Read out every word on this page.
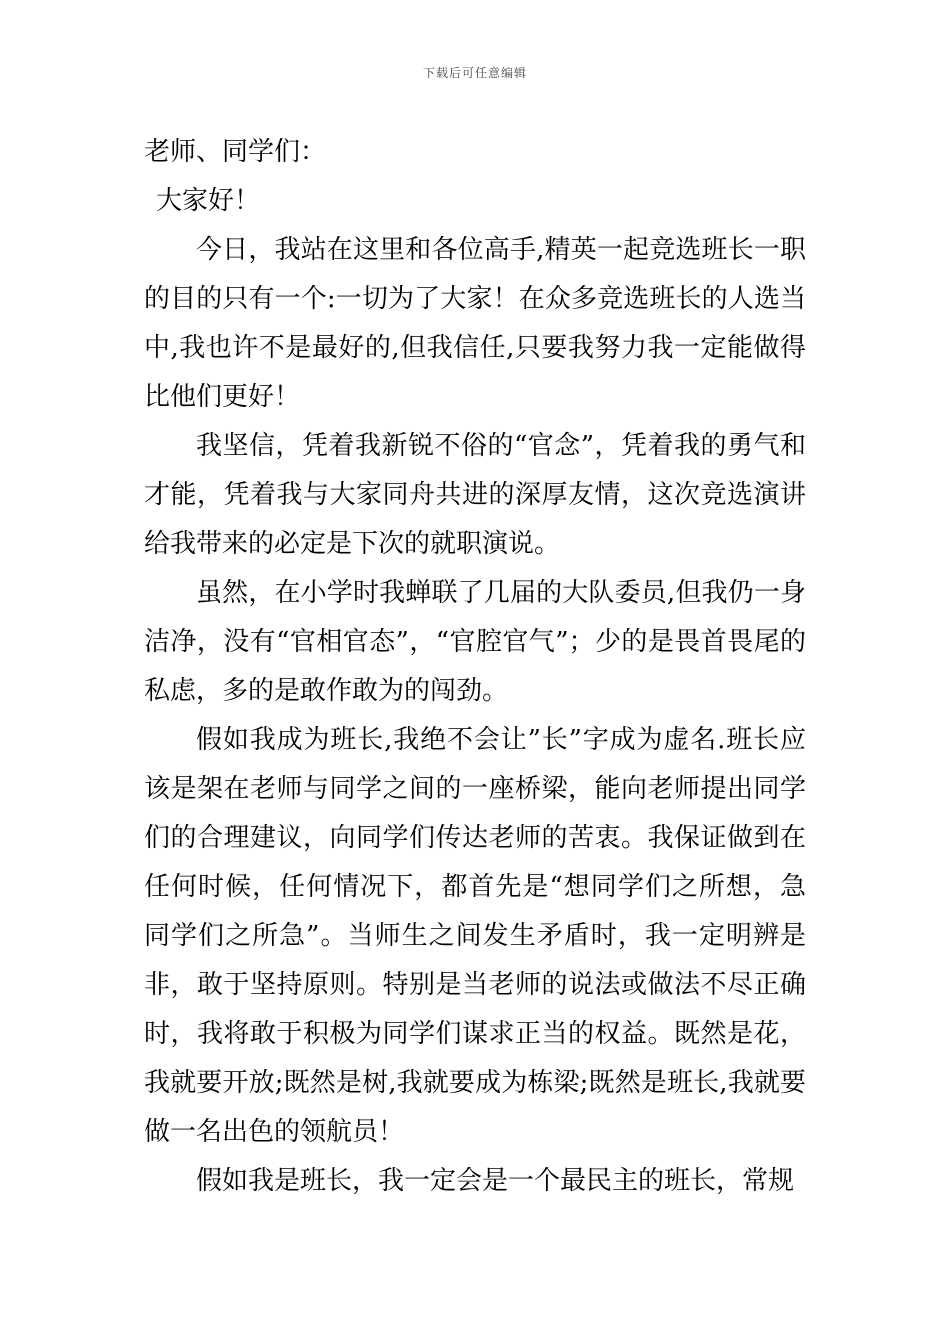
下载后可任意编辑

老师、同学们：

大家好！

今日，我站在这里和各位高手,精英一起竞选班长一职的目的只有一个:一切为了大家！在众多竞选班长的人选当中,我也许不是最好的,但我信任,只要我努力我一定能做得比他们更好！

我坚信，凭着我新锐不俗的“官念”，凭着我的勇气和才能，凭着我与大家同舟共进的深厚友情，这次竞选演讲给我带来的必定是下次的就职演说。

虽然，在小学时我蝉联了几届的大队委员,但我仍一身洁净，没有“官相官态”，“官腔官气”；少的是畏首畏尾的私虑，多的是敢作敢为的闯劲。

假如我成为班长,我绝不会让”长”字成为虚名.班长应该是架在老师与同学之间的一座桥梁，能向老师提出同学们的合理建议，向同学们传达老师的苦衷。我保证做到在任何时候，任何情况下，都首先是“想同学们之所想，急同学们之所急”。当师生之间发生矛盾时，我一定明辨是非，敢于坚持原则。特别是当老师的说法或做法不尽正确时，我将敢于积极为同学们谋求正当的权益。既然是花，我就要开放;既然是树,我就要成为栋梁;既然是班长,我就要做一名出色的领航员！

假如我是班长，我一定会是一个最民主的班长，常规
